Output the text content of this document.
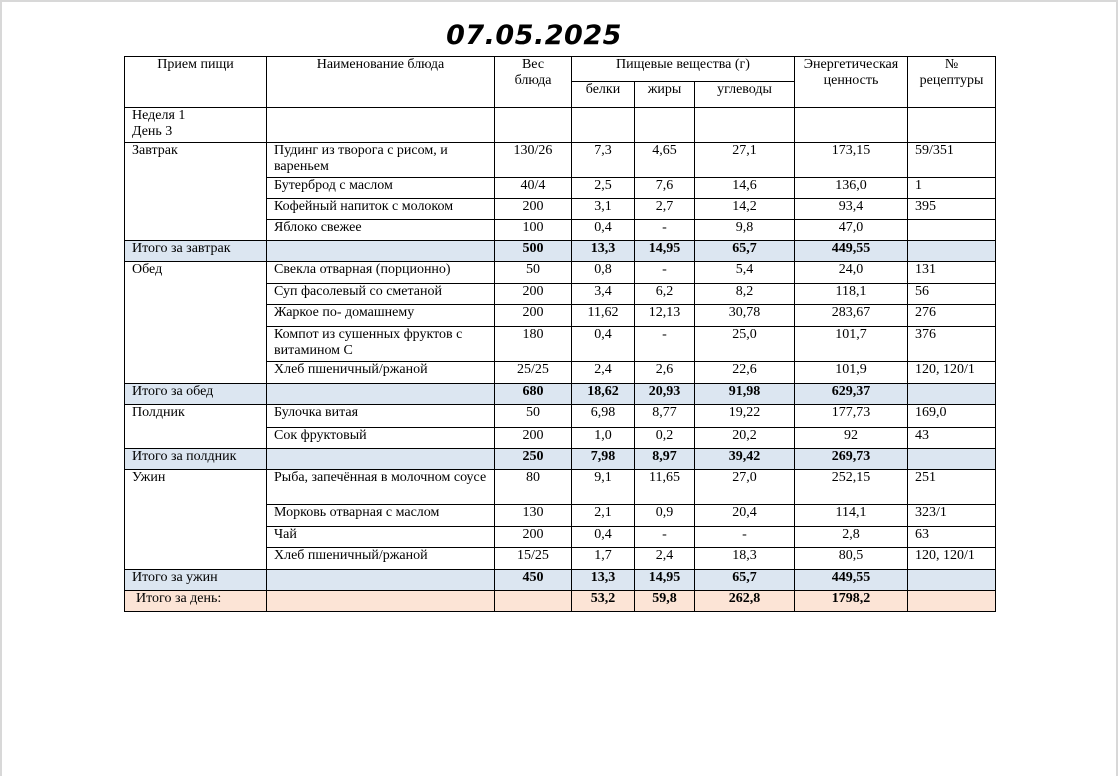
07.05.2025
Прием пищи	Наименование блюда	Вес блюда	Пищевые вещества (г)			Энергетическая ценность	№ рецептуры
			белки	жиры	углеводы		

Неделя 1
День 3							

Завтрак	Пудинг из творога с рисом, и вареньем	130/26	7,3	4,65	27,1	173,15	59/351
	Бутерброд с маслом	40/4	2,5	7,6	14,6	136,0	1
	Кофейный напиток с молоком	200	3,1	2,7	14,2	93,4	395
	Яблоко свежее	100	0,4	-	9,8	47,0	
Итого за завтрак		500	13,3	14,95	65,7	449,55	
Обед	Свекла отварная (порционно)	50	0,8	-	5,4	24,0	131
	Суп фасолевый со сметаной	200	3,4	6,2	8,2	118,1	56
	Жаркое по- домашнему	200	11,62	12,13	30,78	283,67	276
	Компот из сушенных фруктов с витамином С	180	0,4	-	25,0	101,7	376
	Хлеб пшеничный/ржаной	25/25	2,4	2,6	22,6	101,9	120, 120/1
Итого за обед		680	18,62	20,93	91,98	629,37	
Полдник	Булочка витая	50	6,98	8,77	19,22	177,73	169,0
	Сок фруктовый	200	1,0	0,2	20,2	92	43
Итого за полдник		250	7,98	8,97	39,42	269,73	
Ужин	Рыба, запечённая в молочном соусе	80	9,1	11,65	27,0	252,15	251
	Морковь отварная с маслом	130	2,1	0,9	20,4	114,1	323/1
	Чай	200	0,4	-	-	2,8	63
	Хлеб пшеничный/ржаной	15/25	1,7	2,4	18,3	80,5	120, 120/1
Итого за ужин		450	13,3	14,95	65,7	449,55	
Итого за день:			53,2	59,8	262,8	1798,2	
